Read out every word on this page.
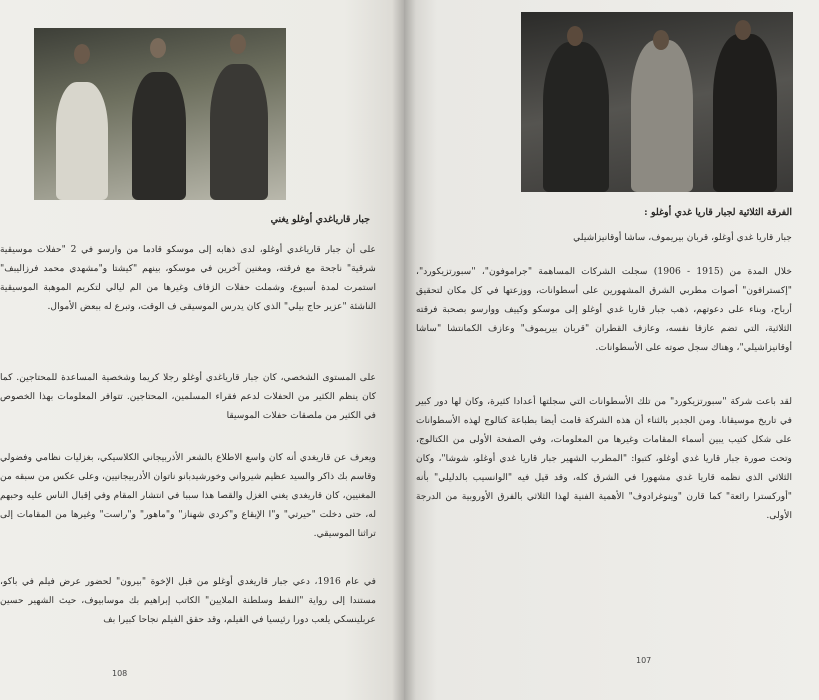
جبار قارياغدي أوغلو يغني
على أن جبار قارياغدي أوغلو، لدى ذهابه إلى موسكو قادما من وارسو في 2 "حفلات موسيقية شرقية" ناجحة مع فرقته، ومغنين آخرين في موسكو، بينهم "كيشتا و"مشهدي محمد فرزاليبف" استمرت لمدة أسبوع، وشملت حفلات الزفاف وغيرها من الم ليالي لتكريم الموهبة الموسيقية الناشئة "عزير حاج بيلي" الذي كان يدرس الموسيقى ف الوقت، وتبرع له ببعض الأموال.
على المستوى الشخصي، كان جبار قارياغدي أوغلو رجلا كريما وشخصية المساعدة للمحتاجين. كما كان ينظم الكثير من الحفلات لدعم فقراء المسلمين، المحتاجين. تتوافر المعلومات بهذا الخصوص في الكثير من ملصقات حفلات الموسيقا
ويعرف عن قاريغدي أنه كان واسع الاطلاع بالشعر الأذربيجاني الكلاسيكي، بغزليات نظامي وفضولي وقاسم بك ذاكر والسيد عظيم شيرواني وخورشيدبانو ناتوان الأذربيجانيين، وعلى عكس من سبقه من المغنيين، كان قاريغدي يغني الغزل والقصا هذا سببا في انتشار المقام وفي إقبال الناس عليه وحبهم له، حتى دخلت "حيرتي" و"ا الإيقاع و"كردي شهناز" و"ماهور" و"راست" وغيرها من المقامات إلى تراثنا الموسيقي.
في عام 1916، دعي جبار قاريغدي أوغلو من قبل الإخوة "بيرون" لحضور عرض فيلم في باكو، مستندا إلى رواية "النفط وسلطنة الملايين" الكاتب إبراهيم بك موسابيوف، حيث الشهير حسين عربلينسكي يلعب دورا رئيسيا في الفيلم، وقد حقق الفيلم نجاحا كبيرا بف
108
الفرقة الثلاثية لجبار قاريا غدي أوغلو :
جبار قاريا غدي أوغلو، قربان بيريموف، ساشا أوقانيزاشيلي
خلال المدة من (1915 - 1906) سجلت الشركات المساهمة "جراموفون"، "سبورتزيكورد"، "إكسترافون" أصوات مطربي الشرق المشهورين على أسطوانات، ووزعتها في كل مكان لتحقيق أرباح، وبناء على دعوتهم، ذهب جبار قاريا غدي أوغلو إلى موسكو وكييف ووارسو بصحبة فرقته الثلاثية، التي تضم عازفا نفسه، وعازف القطران "قربان بيريموف" وعازف الكمانتشا "ساشا أوقانيزاشيلي"، وهناك سجل صوته على الأسطوانات.
لقد باعت شركة "سبورتزيكورد" من تلك الأسطوانات التي سجلتها أعدادا كثيرة، وكان لها دور كبير في تاريخ موسيقانا. ومن الجدير بالثناء أن هذه الشركة قامت أيضا بطباعة كتالوج لهذه الأسطوانات على شكل كتيب يبين أسماء المقامات وغيرها من المعلومات، وفي الصفحة الأولى من الكتالوج، وتحت صورة جبار قاريا غدي أوغلو، كتبوا: "المطرب الشهير جبار قاريا غدي أوغلو، شوشا"، وكان الثلاثي الذي نظمه قاريا غدي مشهورا في الشرق كله، وقد قيل فيه "الوانسيب بالدليلي" بأنه "أوركسترا رائعة" كما قارن "وينوغرادوف" الأهمية الفنية لهذا الثلاثي بالفرق الأوروبية من الدرجة الأولى.
107
